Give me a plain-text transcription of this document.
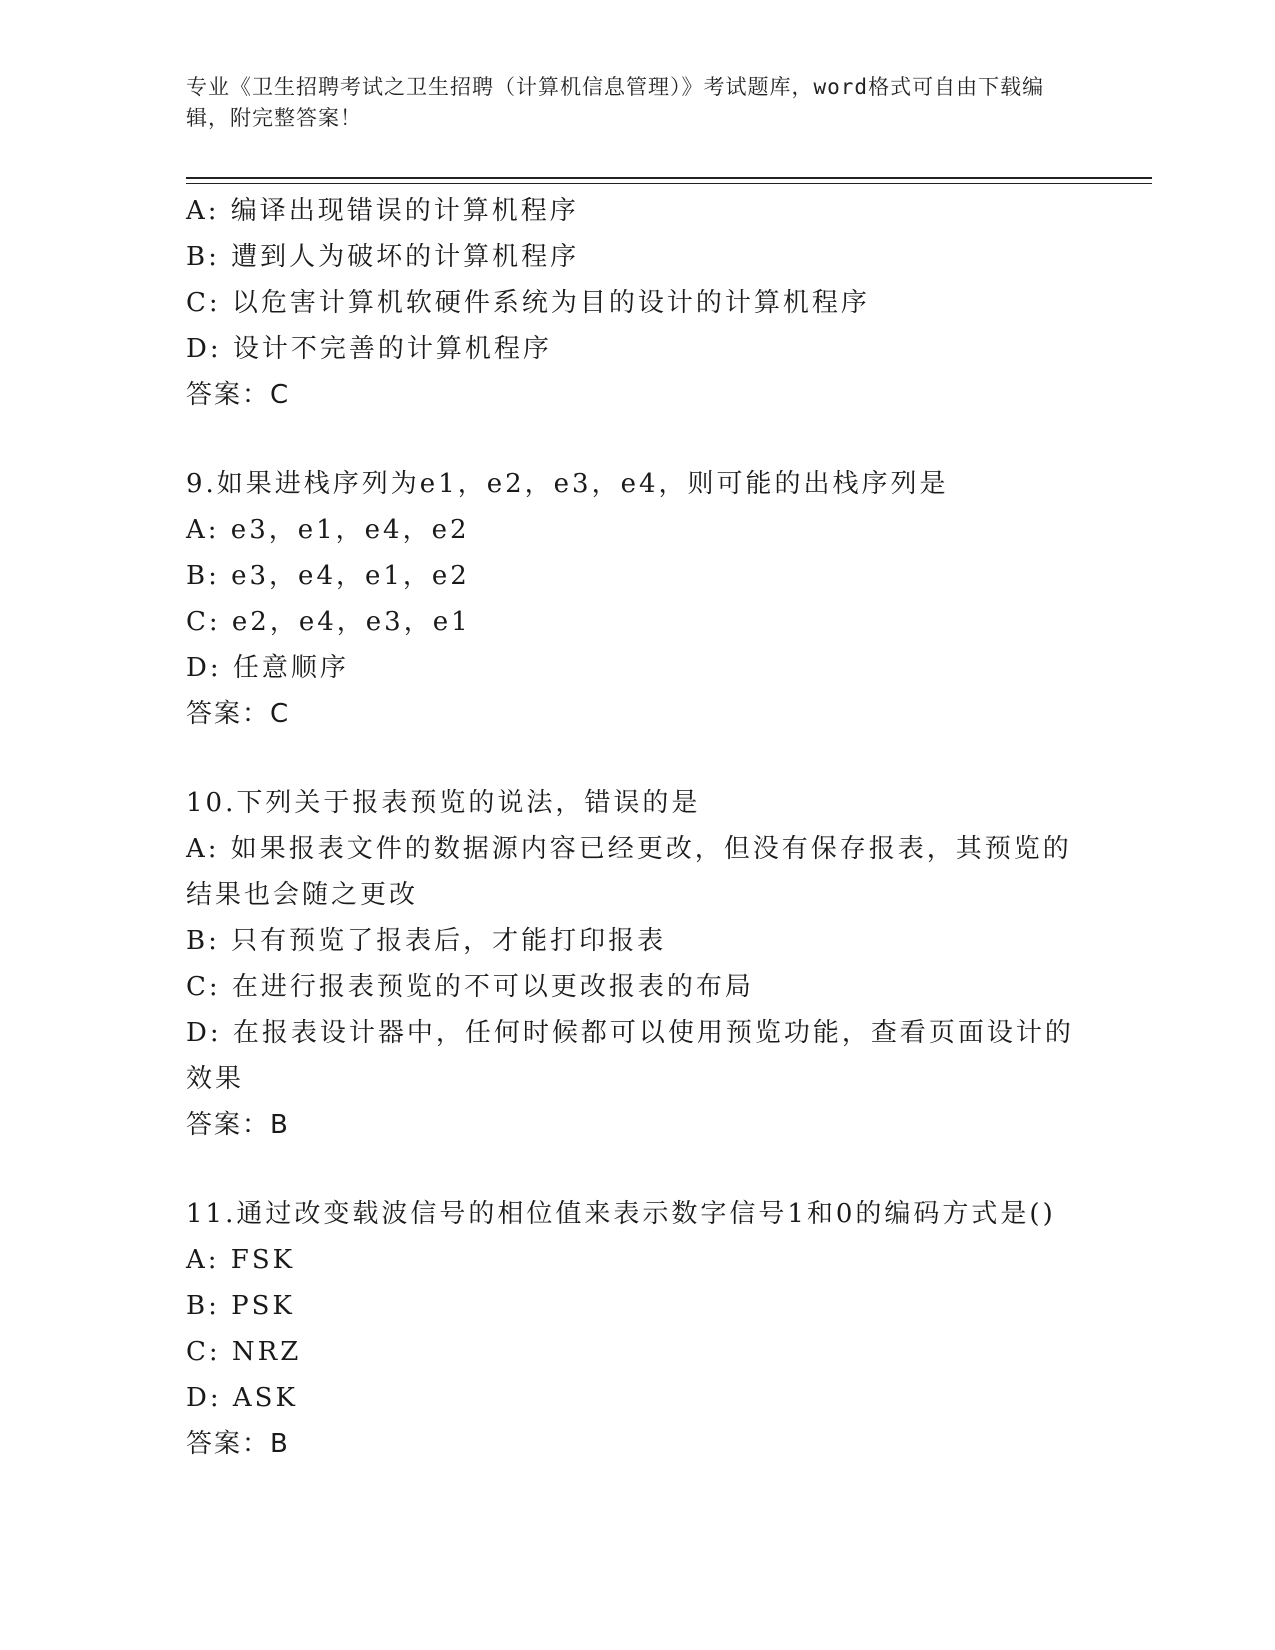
专业《卫生招聘考试之卫生招聘（计算机信息管理）》考试题库，word格式可自由下载编辑，附完整答案！
A: 编译出现错误的计算机程序
B: 遭到人为破坏的计算机程序
C: 以危害计算机软硬件系统为目的设计的计算机程序
D: 设计不完善的计算机程序
答案：C
9.如果进栈序列为e1，e2，e3，e4，则可能的出栈序列是
A: e3，e1，e4，e2
B: e3，e4，e1，e2
C: e2，e4，e3，e1
D: 任意顺序
答案：C
10.下列关于报表预览的说法，错误的是
A: 如果报表文件的数据源内容已经更改，但没有保存报表，其预览的结果也会随之更改
B: 只有预览了报表后，才能打印报表
C: 在进行报表预览的不可以更改报表的布局
D: 在报表设计器中，任何时候都可以使用预览功能，查看页面设计的效果
答案：B
11.通过改变载波信号的相位值来表示数字信号1和0的编码方式是()
A: FSK
B: PSK
C: NRZ
D: ASK
答案：B
